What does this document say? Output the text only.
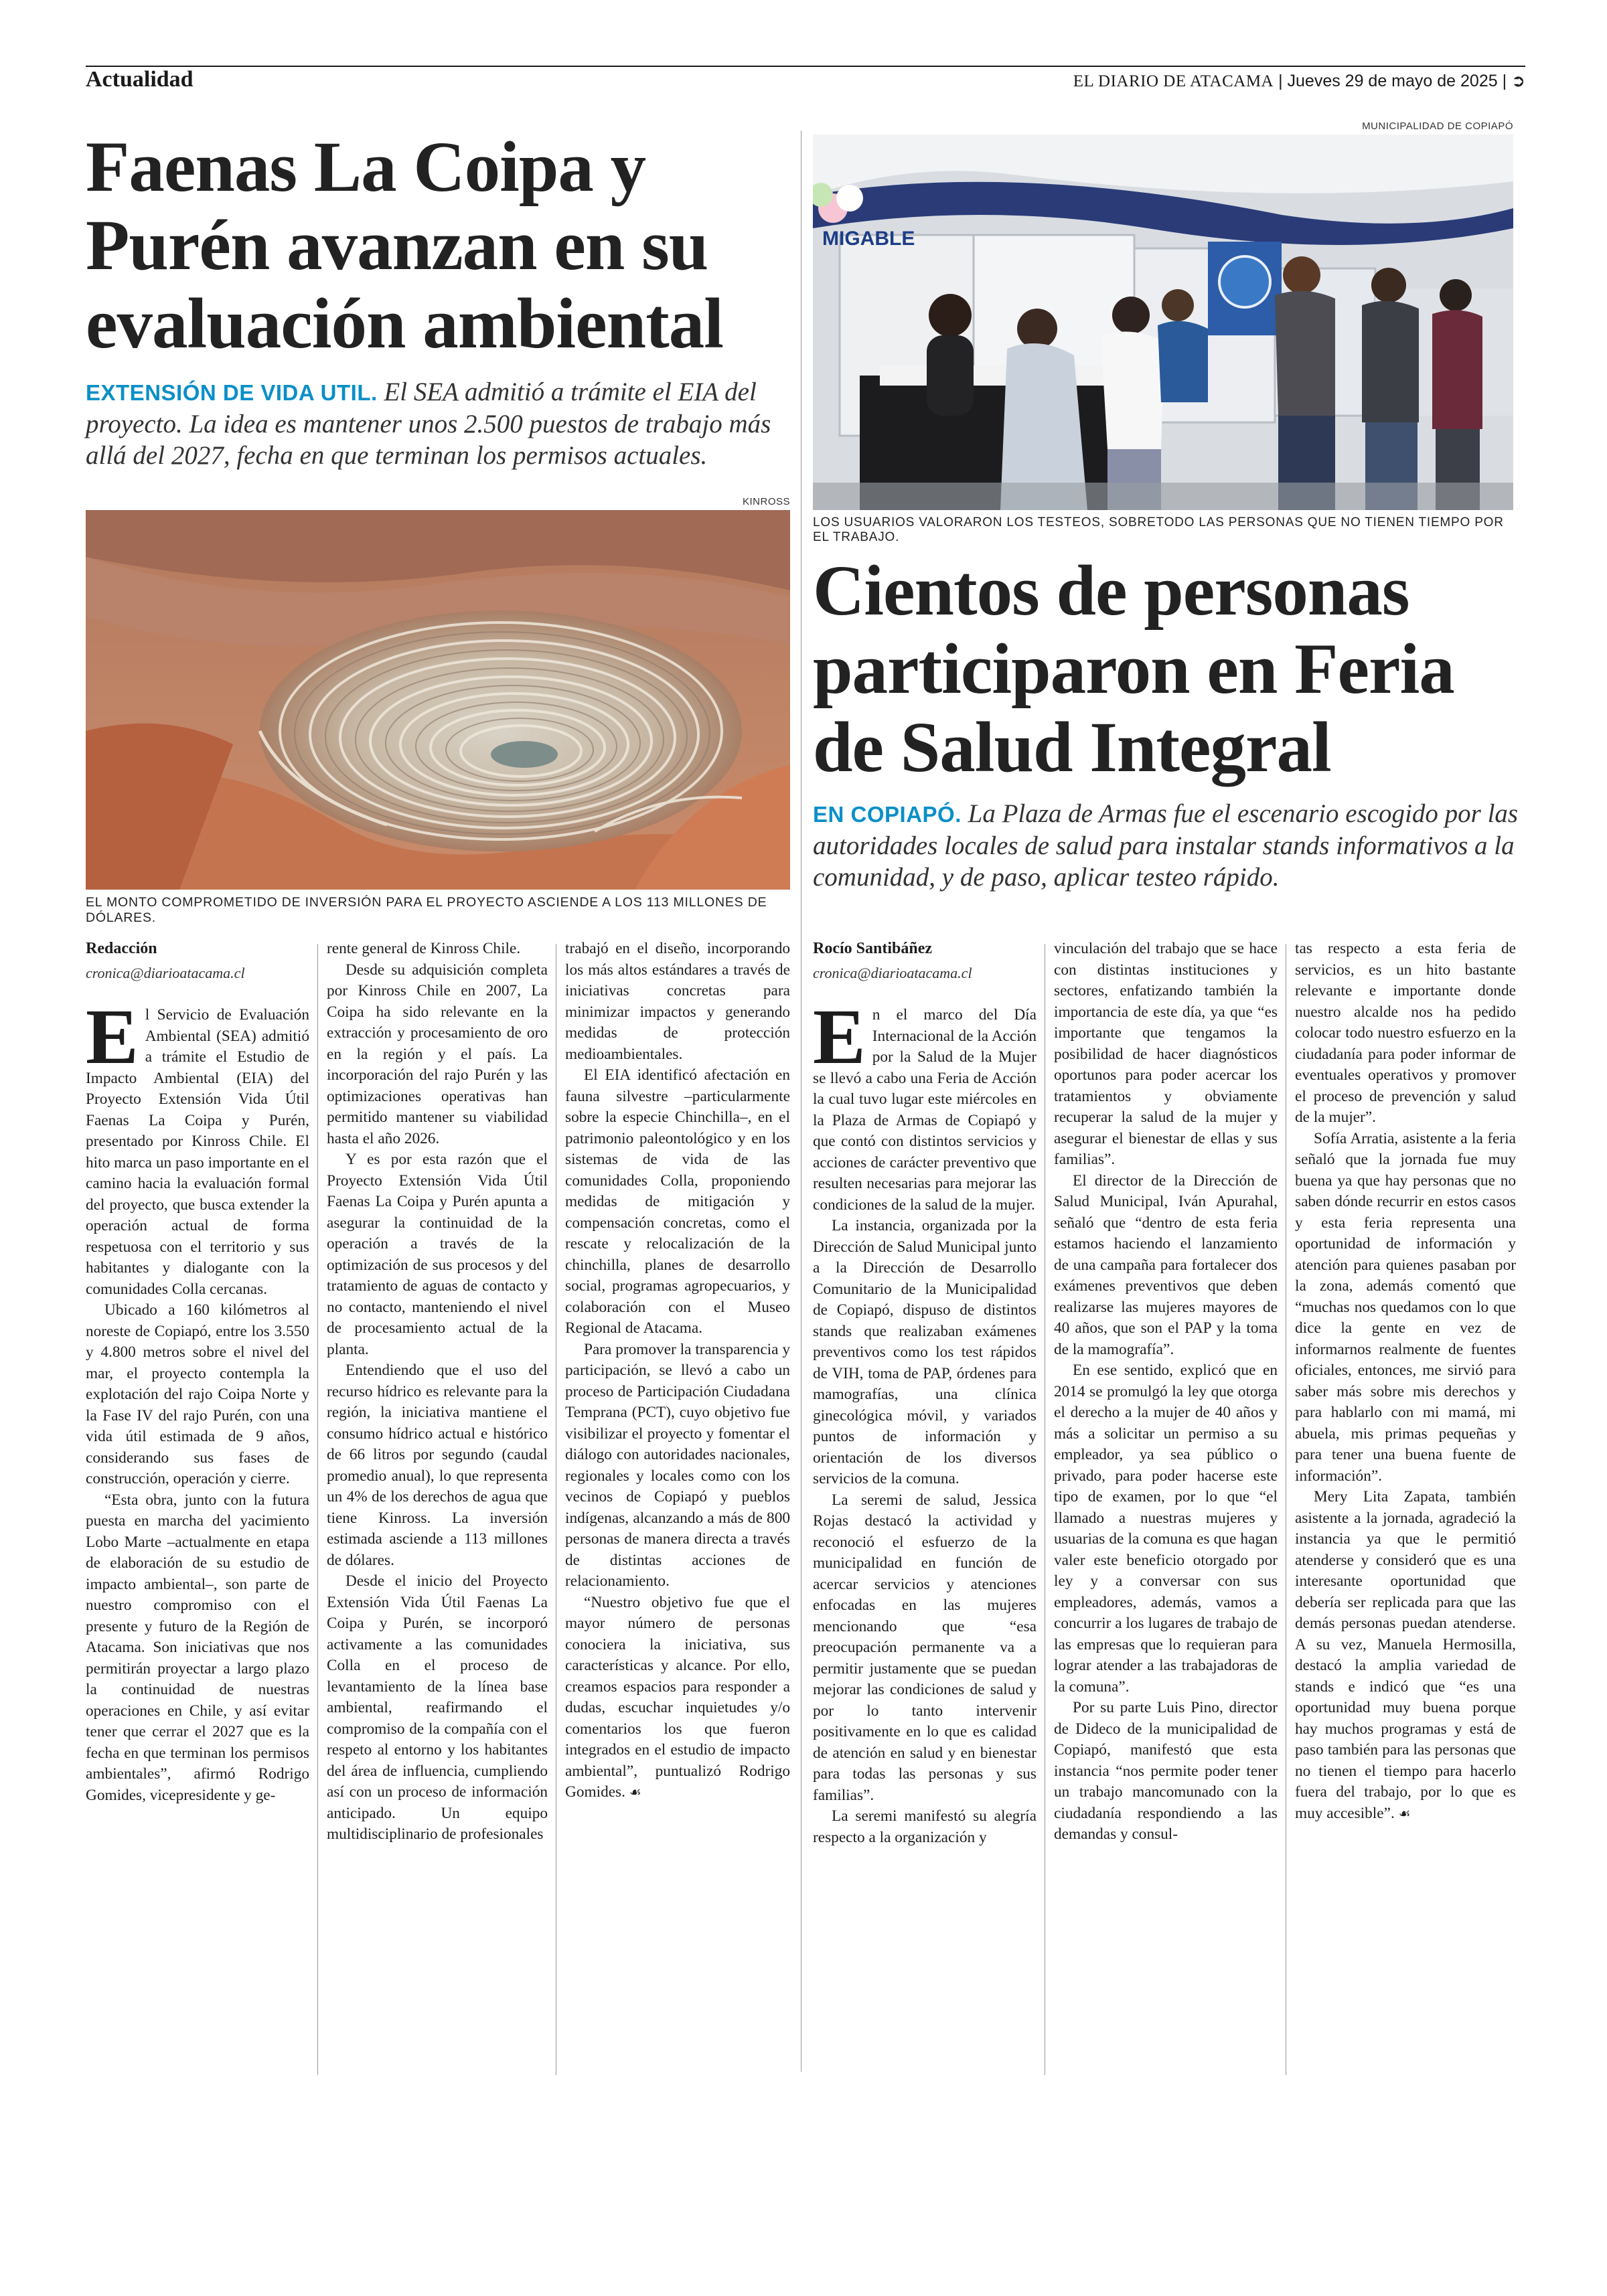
Actualidad	EL DIARIO DE ATACAMA | Jueves 29 de mayo de 2025 | ➲
Faenas La Coipa y
Purén avanzan en su
evaluación ambiental
EXTENSIÓN DE VIDA UTIL. El SEA admitió a trámite el EIA del proyecto. La idea es mantener unos 2.500 puestos de trabajo más allá del 2027, fecha en que terminan los permisos actuales.
KINROSS
EL MONTO COMPROMETIDO DE INVERSIÓN PARA EL PROYECTO ASCIENDE A LOS 113 MILLONES DE DÓLARES.
Redacción
cronica@diarioatacama.cl

El Servicio de Evaluación Ambiental (SEA) admitió a trámite el Estudio de Impacto Ambiental (EIA) del Proyecto Extensión Vida Útil Faenas La Coipa y Purén, presentado por Kinross Chile. El hito marca un paso importante en el camino hacia la evaluación formal del proyecto, que busca extender la operación actual de forma respetuosa con el territorio y sus habitantes y dialogante con la comunidades Colla cercanas.

Ubicado a 160 kilómetros al noreste de Copiapó, entre los 3.550 y 4.800 metros sobre el nivel del mar, el proyecto contempla la explotación del rajo Coipa Norte y la Fase IV del rajo Purén, con una vida útil estimada de 9 años, considerando sus fases de construcción, operación y cierre.

“Esta obra, junto con la futura puesta en marcha del yacimiento Lobo Marte –actualmente en etapa de elaboración de su estudio de impacto ambiental–, son parte de nuestro compromiso con el presente y futuro de la Región de Atacama. Son iniciativas que nos permitirán proyectar a largo plazo la continuidad de nuestras operaciones en Chile, y así evitar tener que cerrar el 2027 que es la fecha en que terminan los permisos ambientales”, afirmó Rodrigo Gomides, vicepresidente y ge-

rente general de Kinross Chile.

Desde su adquisición completa por Kinross Chile en 2007, La Coipa ha sido relevante en la extracción y procesamiento de oro en la región y el país. La incorporación del rajo Purén y las optimizaciones operativas han permitido mantener su viabilidad hasta el año 2026.

Y es por esta razón que el Proyecto Extensión Vida Útil Faenas La Coipa y Purén apunta a asegurar la continuidad de la operación a través de la optimización de sus procesos y del tratamiento de aguas de contacto y no contacto, manteniendo el nivel de procesamiento actual de la planta.

Entendiendo que el uso del recurso hídrico es relevante para la región, la iniciativa mantiene el consumo hídrico actual e histórico de 66 litros por segundo (caudal promedio anual), lo que representa un 4% de los derechos de agua que tiene Kinross. La inversión estimada asciende a 113 millones de dólares.

Desde el inicio del Proyecto Extensión Vida Útil Faenas La Coipa y Purén, se incorporó activamente a las comunidades Colla en el proceso de levantamiento de la línea base ambiental, reafirmando el compromiso de la compañía con el respeto al entorno y los habitantes del área de influencia, cumpliendo así con un proceso de información anticipado. Un equipo multidisciplinario de profesionales

trabajó en el diseño, incorporando los más altos estándares a través de iniciativas concretas para minimizar impactos y generando medidas de protección medioambientales.

El EIA identificó afectación en fauna silvestre –particularmente sobre la especie Chinchilla–, en el patrimonio paleontológico y en los sistemas de vida de las comunidades Colla, proponiendo medidas de mitigación y compensación concretas, como el rescate y relocalización de la chinchilla, planes de desarrollo social, programas agropecuarios, y colaboración con el Museo Regional de Atacama.

Para promover la transparencia y participación, se llevó a cabo un proceso de Participación Ciudadana Temprana (PCT), cuyo objetivo fue visibilizar el proyecto y fomentar el diálogo con autoridades nacionales, regionales y locales como con los vecinos de Copiapó y pueblos indígenas, alcanzando a más de 800 personas de manera directa a través de distintas acciones de relacionamiento.

“Nuestro objetivo fue que el mayor número de personas conociera la iniciativa, sus características y alcance. Por ello, creamos espacios para responder a dudas, escuchar inquietudes y/o comentarios los que fueron integrados en el estudio de impacto ambiental”, puntualizó Rodrigo Gomides. ☙

MUNICIPALIDAD DE COPIAPÓ
MIGABLE
LOS USUARIOS VALORARON LOS TESTEOS, SOBRETODO LAS PERSONAS QUE NO TIENEN TIEMPO POR EL TRABAJO.
Cientos de personas
participaron en Feria
de Salud Integral
EN COPIAPÓ. La Plaza de Armas fue el escenario escogido por las autoridades locales de salud para instalar stands informativos a la comunidad, y de paso, aplicar testeo rápido.
Rocío Santibáñez
cronica@diarioatacama.cl

En el marco del Día Internacional de la Acción por la Salud de la Mujer se llevó a cabo una Feria de Acción la cual tuvo lugar este miércoles en la Plaza de Armas de Copiapó y que contó con distintos servicios y acciones de carácter preventivo que resulten necesarias para mejorar las condiciones de la salud de la mujer.

La instancia, organizada por la Dirección de Salud Municipal junto a la Dirección de Desarrollo Comunitario de la Municipalidad de Copiapó, dispuso de distintos stands que realizaban exámenes preventivos como los test rápidos de VIH, toma de PAP, órdenes para mamografías, una clínica ginecológica móvil, y variados puntos de información y orientación de los diversos servicios de la comuna.

La seremi de salud, Jessica Rojas destacó la actividad y reconoció el esfuerzo de la municipalidad en función de acercar servicios y atenciones enfocadas en las mujeres mencionando que “esa preocupación permanente va a permitir justamente que se puedan mejorar las condiciones de salud y por lo tanto intervenir positivamente en lo que es calidad de atención en salud y en bienestar para todas las personas y sus familias”.

La seremi manifestó su alegría respecto a la organización y

vinculación del trabajo que se hace con distintas instituciones y sectores, enfatizando también la importancia de este día, ya que “es importante que tengamos la posibilidad de hacer diagnósticos oportunos para poder acercar los tratamientos y obviamente recuperar la salud de la mujer y asegurar el bienestar de ellas y sus familias”.

El director de la Dirección de Salud Municipal, Iván Apurahal, señaló que “dentro de esta feria estamos haciendo el lanzamiento de una campaña para fortalecer dos exámenes preventivos que deben realizarse las mujeres mayores de 40 años, que son el PAP y la toma de la mamografía”.

En ese sentido, explicó que en 2014 se promulgó la ley que otorga el derecho a la mujer de 40 años y más a solicitar un permiso a su empleador, ya sea público o privado, para poder hacerse este tipo de examen, por lo que “el llamado a nuestras mujeres y usuarias de la comuna es que hagan valer este beneficio otorgado por ley y a conversar con sus empleadores, además, vamos a concurrir a los lugares de trabajo de las empresas que lo requieran para lograr atender a las trabajadoras de la comuna”.

Por su parte Luis Pino, director de Dideco de la municipalidad de Copiapó, manifestó que esta instancia “nos permite poder tener un trabajo mancomunado con la ciudadanía respondiendo a las demandas y consul-

tas respecto a esta feria de servicios, es un hito bastante relevante e importante donde nuestro alcalde nos ha pedido colocar todo nuestro esfuerzo en la ciudadanía para poder informar de eventuales operativos y promover el proceso de prevención y salud de la mujer”.

Sofía Arratia, asistente a la feria señaló que la jornada fue muy buena ya que hay personas que no saben dónde recurrir en estos casos y esta feria representa una oportunidad de información y atención para quienes pasaban por la zona, además comentó que “muchas nos quedamos con lo que dice la gente en vez de informarnos realmente de fuentes oficiales, entonces, me sirvió para saber más sobre mis derechos y para hablarlo con mi mamá, mi abuela, mis primas pequeñas y para tener una buena fuente de información”.

Mery Lita Zapata, también asistente a la jornada, agradeció la instancia ya que le permitió atenderse y consideró que es una interesante oportunidad que debería ser replicada para que las demás personas puedan atenderse. A su vez, Manuela Hermosilla, destacó la amplia variedad de stands e indicó que “es una oportunidad muy buena porque hay muchos programas y está de paso también para las personas que no tienen el tiempo para hacerlo fuera del trabajo, por lo que es muy accesible”. ☙
